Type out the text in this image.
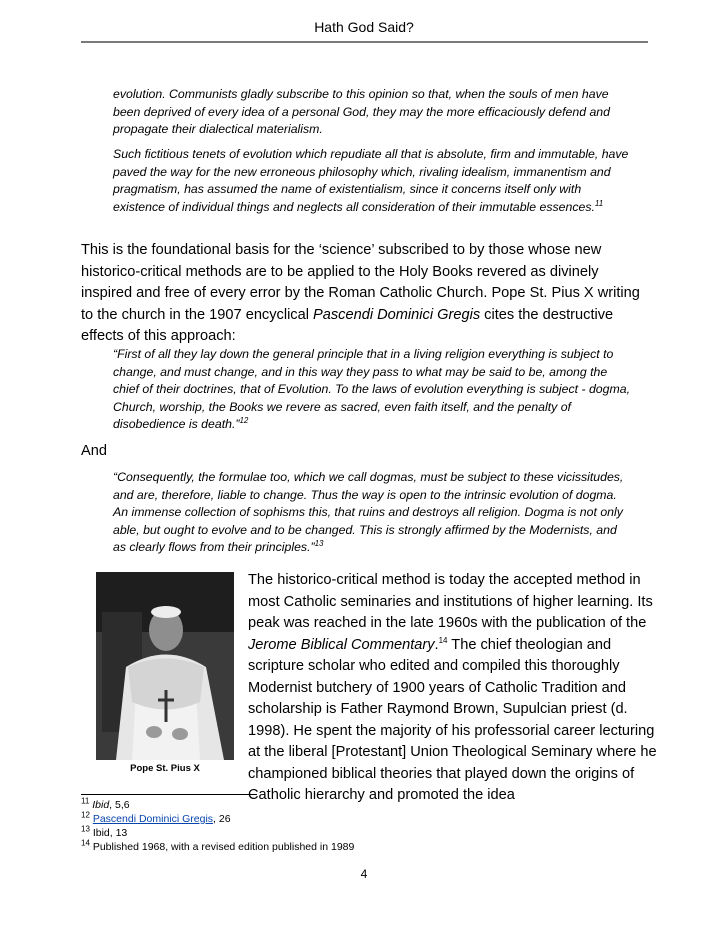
Hath God Said?

evolution. Communists gladly subscribe to this opinion so that, when the souls of men have been deprived of every idea of a personal God, they may the more efficaciously defend and propagate their dialectical materialism.

Such fictitious tenets of evolution which repudiate all that is absolute, firm and immutable, have paved the way for the new erroneous philosophy which, rivaling idealism, immanentism and pragmatism, has assumed the name of existentialism, since it concerns itself only with existence of individual things and neglects all consideration of their immutable essences.$^{11}$

This is the foundational basis for the ‘science’ subscribed to by those whose new historico-critical methods are to be applied to the Holy Books revered as divinely inspired and free of every error by the Roman Catholic Church. Pope St. Pius X writing to the church in the 1907 encyclical Pascendi Dominici Gregis cites the destructive effects of this approach:

“First of all they lay down the general principle that in a living religion everything is subject to change, and must change, and in this way they pass to what may be said to be, among the chief of their doctrines, that of Evolution. To the laws of evolution everything is subject - dogma, Church, worship, the Books we revere as sacred, even faith itself, and the penalty of disobedience is death.”$^{12}$

And

“Consequently, the formulae too, which we call dogmas, must be subject to these vicissitudes, and are, therefore, liable to change. Thus the way is open to the intrinsic evolution of dogma. An immense collection of sophisms this, that ruins and destroys all religion. Dogma is not only able, but ought to evolve and to be changed. This is strongly affirmed by the Modernists, and as clearly flows from their principles.”$^{13}$

Pope St. Pius X

The historico-critical method is today the accepted method in most Catholic seminaries and institutions of higher learning. Its peak was reached in the late 1960s with the publication of the Jerome Biblical Commentary.$^{14}$ The chief theologian and scripture scholar who edited and compiled this thoroughly Modernist butchery of 1900 years of Catholic Tradition and scholarship is Father Raymond Brown, Supulcian priest (d. 1998). He spent the majority of his professorial career lecturing at the liberal [Protestant] Union Theological Seminary where he championed biblical theories that played down the origins of Catholic hierarchy and promoted the idea

$^{11}$ Ibid, 5,6
$^{12}$ Pascendi Dominici Gregis, 26
$^{13}$ Ibid, 13
$^{14}$ Published 1968, with a revised edition published in 1989
4
